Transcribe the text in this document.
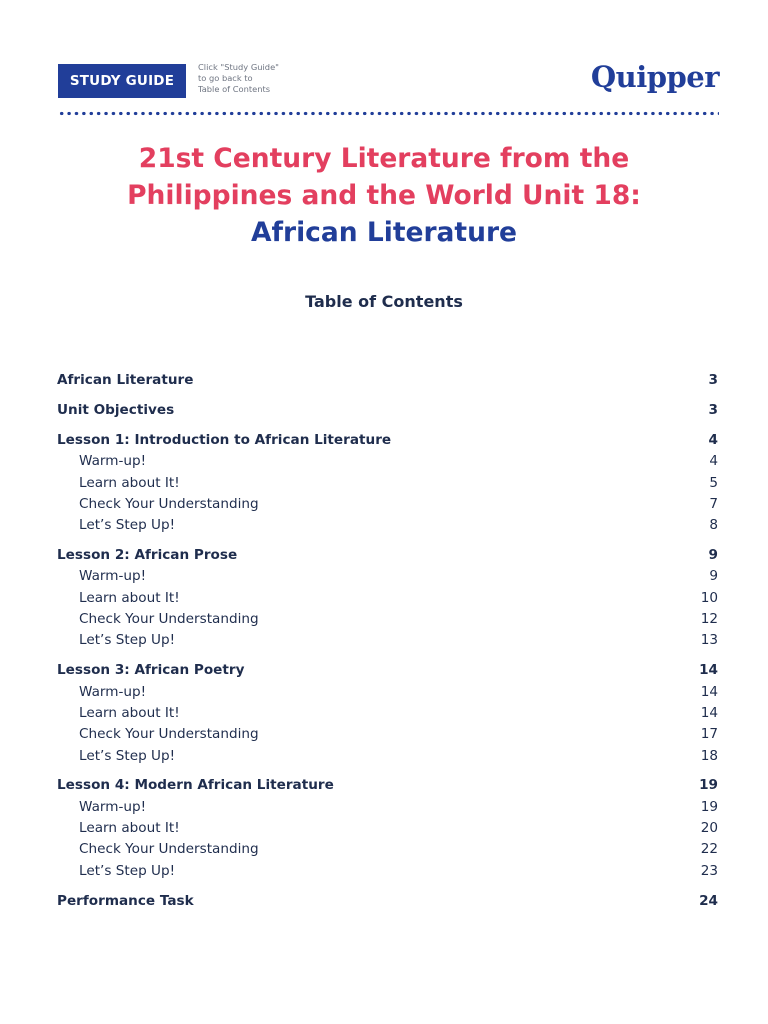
STUDY GUIDE
Click "Study Guide"
to go back to
Table of Contents	Quipper
21st Century Literature from the
Philippines and the World Unit 18:
African Literature
Table of Contents
African Literature	3
Unit Objectives	3
Lesson 1: Introduction to African Literature	4
Warm-up!	4
Learn about It!	5
Check Your Understanding	7
Let’s Step Up!	8
Lesson 2: African Prose	9
Warm-up!	9
Learn about It!	10
Check Your Understanding	12
Let’s Step Up!	13
Lesson 3: African Poetry	14
Warm-up!	14
Learn about It!	14
Check Your Understanding	17
Let’s Step Up!	18
Lesson 4: Modern African Literature	19
Warm-up!	19
Learn about It!	20
Check Your Understanding	22
Let’s Step Up!	23
Performance Task	24
